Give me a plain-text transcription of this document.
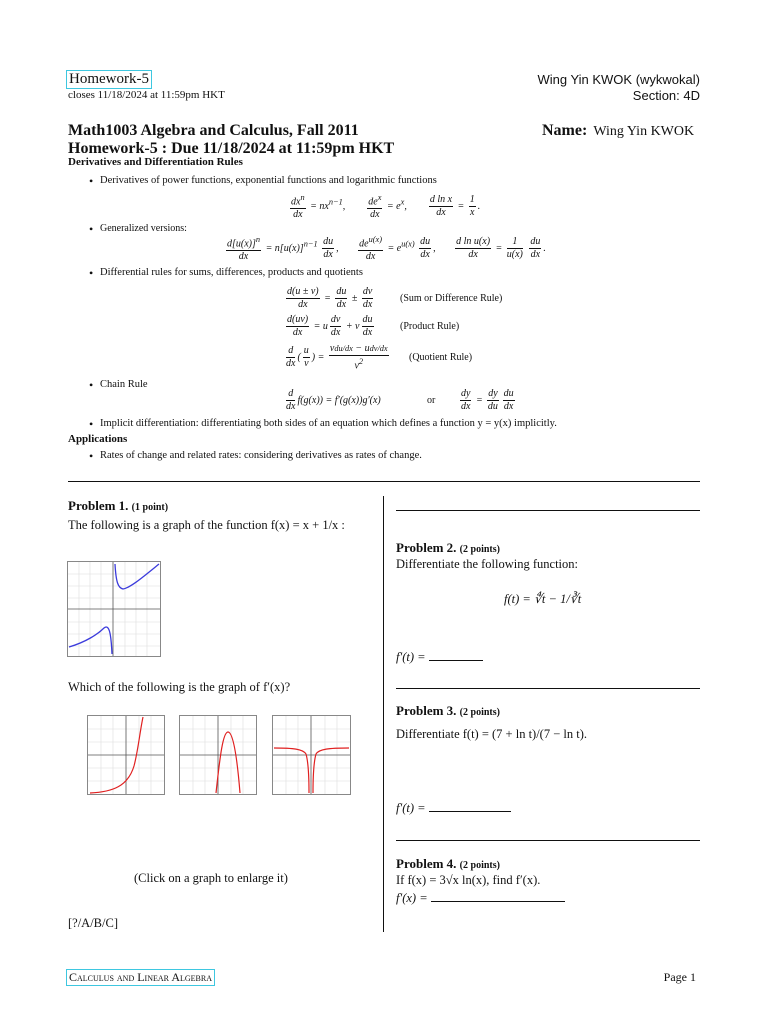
Homework-5
closes 11/18/2024 at 11:59pm HKT
Wing Yin KWOK (wykwokal)
Section: 4D
Math1003 Algebra and Calculus, Fall 2011
Homework-5 : Due 11/18/2024 at 11:59pm HKT
Name: Wing Yin KWOK
Derivatives and Differentiation Rules
• Derivatives of power functions, exponential functions and logarithmic functions
$\frac{dx^n}{dx} = nx^{n-1}$, $\frac{de^x}{dx} = e^x$, $\frac{\text{d ln x}}{dx} = \frac{1}{x}$ .
• Generalized versions:
$\frac{d[u(x)]^n}{dx} = n[u(x)]^{n-1} \frac{du}{dx}$ , $\frac{de^{u(x)}}{dx} = e^{u(x)} \frac{du}{dx}$ , $\frac{\text{d ln u(x)}}{dx} = \frac{1}{u(x)}$
$\frac{du}{dx}$ .
• Differential rules for sums, differences, products and quotients
$\frac{d(u \pm v)}{dx} = \frac{du}{dx} \pm \frac{dv}{dx}$	(Sum or Difference Rule)
$\frac{d(uv)}{dx} = u \frac{dv}{dx} + v \frac{du}{dx}$	(Product Rule)
$\frac{d}{dx}$ ( $\frac{u}{v}$ ) = $\frac{\text{vdu/dx − udv/dx}}{v^2}$ (Quotient Rule)
• Chain Rule
$\frac{d}{dx} f(g(x)) = f'(g(x))g'(x)$	or $\frac{dy}{dx} = \frac{dy}{du} \frac{du}{dx}$
• Implicit differentiation: differentiating both sides of an equation which defines a function y = y(x) implicitly.
Applications
• Rates of change and related rates: considering derivatives as rates of change.
Problem 1. (1 point)
The following is a graph of the function f(x) = x + 1/x :
Which of the following is the graph of f′(x)?
(Click on a graph to enlarge it)
[?/A/B/C]
Problem 2. (2 points)
Differentiate the following function:
f(t) = ∜t − 1/∛t
f′(t) =
Problem 3. (2 points)
Differentiate f(t) = (7 + ln t)/(7 − ln t).
f′(t) =
Problem 4. (2 points)
If f(x) = 3√x ln(x), find f′(x).
f′(x) =
Calculus and Linear Algebra	Page 1
